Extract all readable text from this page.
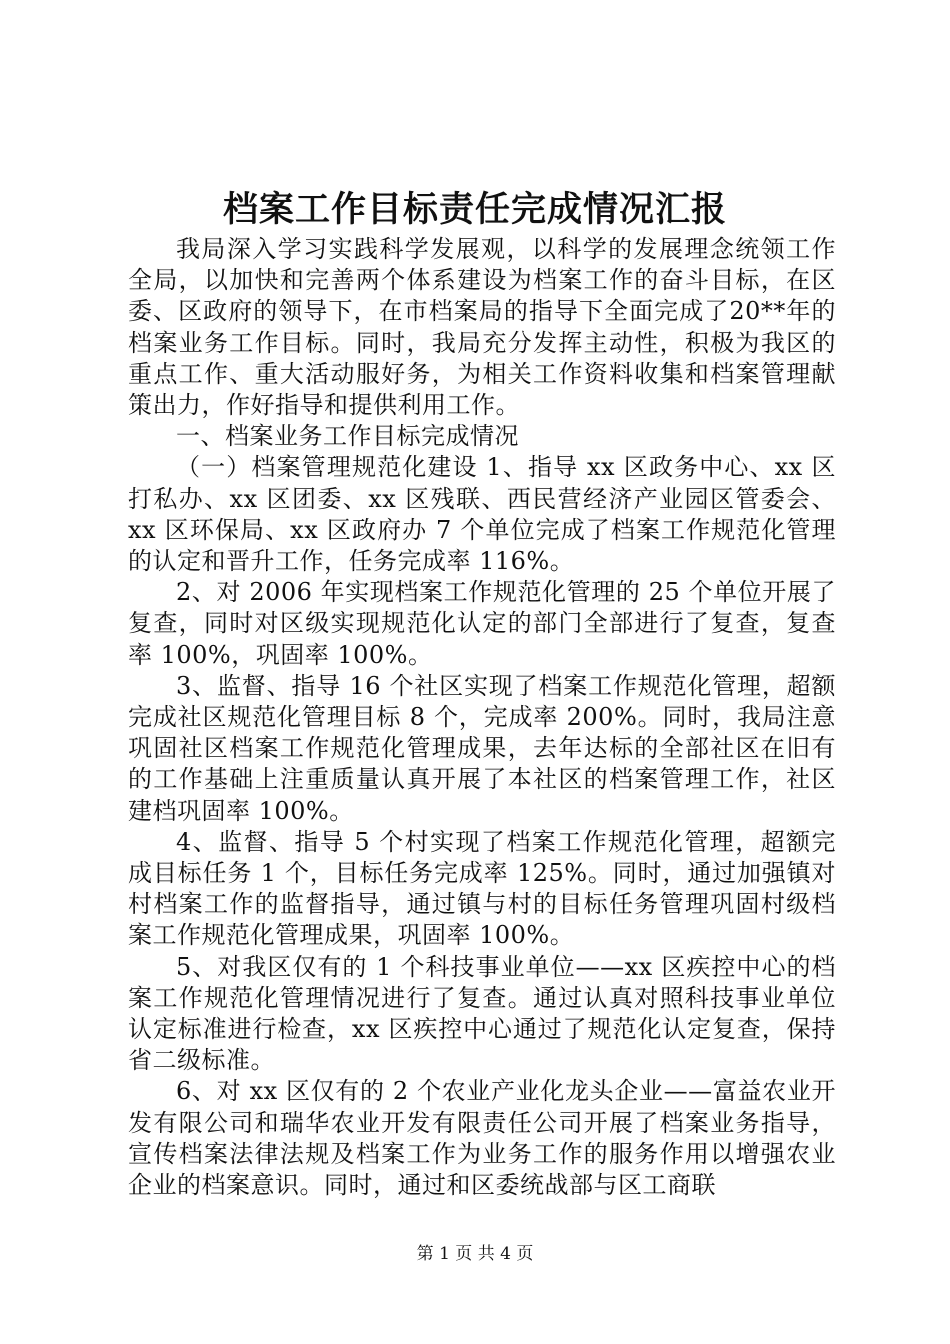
档案工作目标责任完成情况汇报

我局深入学习实践科学发展观，以科学的发展理念统领工作全局，以加快和完善两个体系建设为档案工作的奋斗目标，在区委、区政府的领导下，在市档案局的指导下全面完成了20**年的档案业务工作目标。同时，我局充分发挥主动性，积极为我区的重点工作、重大活动服好务，为相关工作资料收集和档案管理献策出力，作好指导和提供利用工作。

一、档案业务工作目标完成情况

（一）档案管理规范化建设 1、指导 xx 区政务中心、xx 区打私办、xx 区团委、xx 区残联、西民营经济产业园区管委会、xx 区环保局、xx 区政府办 7 个单位完成了档案工作规范化管理的认定和晋升工作，任务完成率 116%。

2、对 2006 年实现档案工作规范化管理的 25 个单位开展了复查，同时对区级实现规范化认定的部门全部进行了复查，复查率 100%，巩固率 100%。

3、监督、指导 16 个社区实现了档案工作规范化管理，超额完成社区规范化管理目标 8 个，完成率 200%。同时，我局注意巩固社区档案工作规范化管理成果，去年达标的全部社区在旧有的工作基础上注重质量认真开展了本社区的档案管理工作，社区建档巩固率 100%。

4、监督、指导 5 个村实现了档案工作规范化管理，超额完成目标任务 1 个，目标任务完成率 125%。同时，通过加强镇对村档案工作的监督指导，通过镇与村的目标任务管理巩固村级档案工作规范化管理成果，巩固率 100%。

5、对我区仅有的 1 个科技事业单位——xx 区疾控中心的档案工作规范化管理情况进行了复查。通过认真对照科技事业单位认定标准进行检查，xx 区疾控中心通过了规范化认定复查，保持省二级标准。

6、对 xx 区仅有的 2 个农业产业化龙头企业——富益农业开发有限公司和瑞华农业开发有限责任公司开展了档案业务指导，宣传档案法律法规及档案工作为业务工作的服务作用以增强农业企业的档案意识。同时，通过和区委统战部与区工商联

第 1 页 共 4 页
